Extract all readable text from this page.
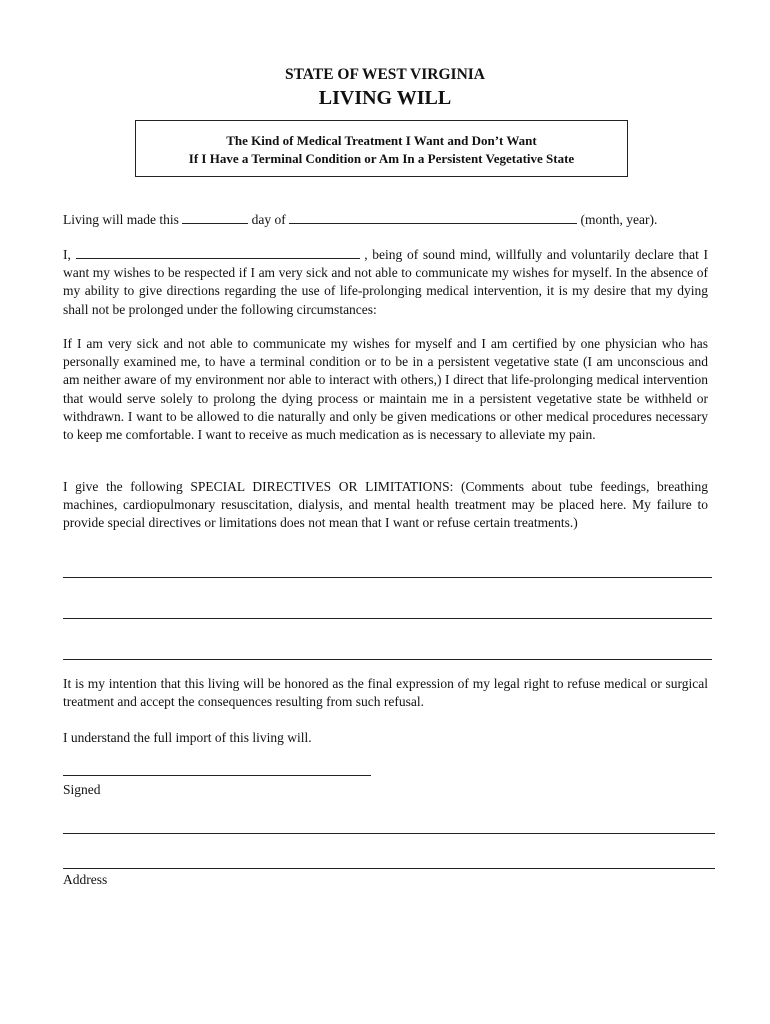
STATE OF WEST VIRGINIA
LIVING WILL
The Kind of Medical Treatment I Want and Don’t Want
If I Have a Terminal Condition or Am In a Persistent Vegetative State
Living will made this	day of	(month, year).
I,	, being of sound mind, willfully and voluntarily declare that I want my wishes to be respected if I am very sick and not able to communicate my wishes for myself. In the absence of my ability to give directions regarding the use of life-prolonging medical intervention, it is my desire that my dying shall not be prolonged under the following circumstances:
If I am very sick and not able to communicate my wishes for myself and I am certified by one physician who has personally examined me, to have a terminal condition or to be in a persistent vegetative state (I am unconscious and am neither aware of my environment nor able to interact with others,) I direct that life-prolonging medical intervention that would serve solely to prolong the dying process or maintain me in a persistent vegetative state be withheld or withdrawn. I want to be allowed to die naturally and only be given medications or other medical procedures necessary to keep me comfortable. I want to receive as much medication as is necessary to alleviate my pain.
I give the following SPECIAL DIRECTIVES OR LIMITATIONS: (Comments about tube feedings, breathing machines, cardiopulmonary resuscitation, dialysis, and mental health treatment may be placed here. My failure to provide special directives or limitations does not mean that I want or refuse certain treatments.)
It is my intention that this living will be honored as the final expression of my legal right to refuse medical or surgical treatment and accept the consequences resulting from such refusal.
I understand the full import of this living will.
Signed
Address
